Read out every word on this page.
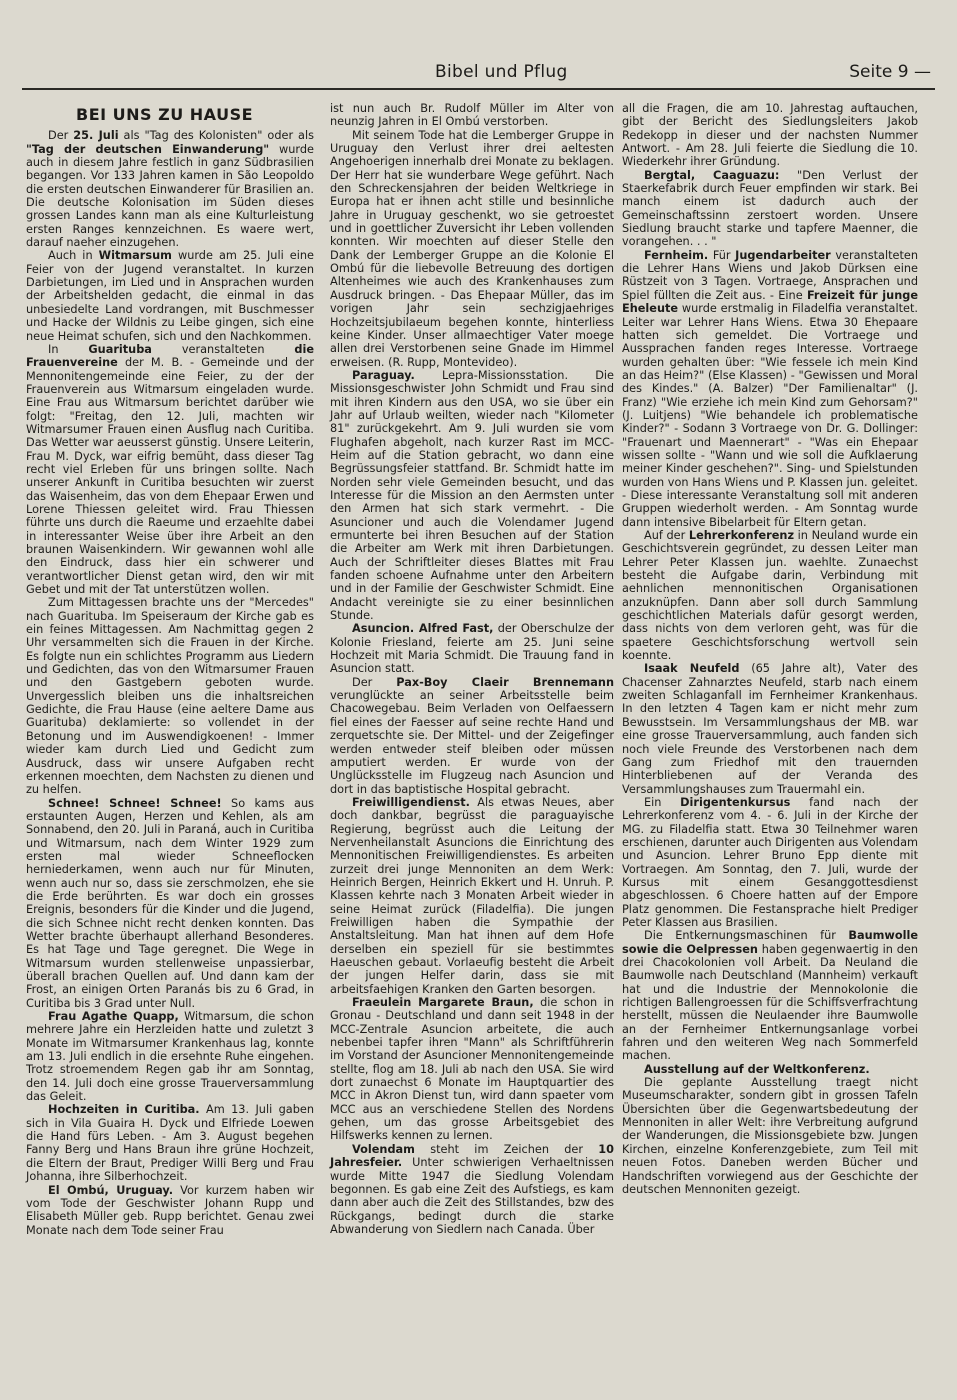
Bibel und Pflug	Seite 9 —
BEI UNS ZU HAUSE

Der 25. Juli als "Tag des Kolonisten" oder als "Tag der deutschen Einwanderung" wurde auch in diesem Jahre festlich in ganz Südbrasilien begangen. Vor 133 Jahren kamen in São Leopoldo die ersten deutschen Einwanderer für Brasilien an. Die deutsche Kolonisation im Süden dieses grossen Landes kann man als eine Kulturleistung ersten Ranges kennzeichnen. Es waere wert, darauf naeher einzugehen.

Auch in Witmarsum wurde am 25. Juli eine Feier von der Jugend veranstaltet. In kurzen Darbietungen, im Lied und in Ansprachen wurden der Arbeitshelden gedacht, die einmal in das unbesiedelte Land vordrangen, mit Buschmesser und Hacke der Wildnis zu Leibe gingen, sich eine neue Heimat schufen, sich und den Nachkommen.

In Guarituba veranstalteten die Frauenvereine der M. B. - Gemeinde und der Mennonitengemeinde eine Feier, zu der der Frauenverein aus Witmarsum eingeladen wurde. Eine Frau aus Witmarsum berichtet darüber wie folgt: "Freitag, den 12. Juli, machten wir Witmarsumer Frauen einen Ausflug nach Curitiba. Das Wetter war aeusserst günstig. Unsere Leiterin, Frau M. Dyck, war eifrig bemüht, dass dieser Tag recht viel Erleben für uns bringen sollte. Nach unserer Ankunft in Curitiba besuchten wir zuerst das Waisenheim, das von dem Ehepaar Erwen und Lorene Thiessen geleitet wird. Frau Thiessen führte uns durch die Raeume und erzaehlte dabei in interessanter Weise über ihre Arbeit an den braunen Waisenkindern. Wir gewannen wohl alle den Eindruck, dass hier ein schwerer und verantwortlicher Dienst getan wird, den wir mit Gebet und mit der Tat unterstützen wollen.

Zum Mittagessen brachte uns der "Mercedes" nach Guarituba. Im Speiseraum der Kirche gab es ein feines Mittagessen. Am Nachmittag gegen 2 Uhr versammelten sich die Frauen in der Kirche. Es folgte nun ein schlichtes Programm aus Liedern und Gedichten, das von den Witmarsumer Frauen und den Gastgebern geboten wurde. Unvergesslich bleiben uns die inhaltsreichen Gedichte, die Frau Hause (eine aeltere Dame aus Guarituba) deklamierte: so vollendet in der Betonung und im Auswendigkoenen! - Immer wieder kam durch Lied und Gedicht zum Ausdruck, dass wir unsere Aufgaben recht erkennen moechten, dem Nachsten zu dienen und zu helfen.

Schnee! Schnee! Schnee! So kams aus erstaunten Augen, Herzen und Kehlen, als am Sonnabend, den 20. Juli in Paraná, auch in Curitiba und Witmarsum, nach dem Winter 1929 zum ersten mal wieder Schneeflocken herniederkamen, wenn auch nur für Minuten, wenn auch nur so, dass sie zerschmolzen, ehe sie die Erde berührten. Es war doch ein grosses Ereignis, besonders für die Kinder und die Jugend, die sich Schnee nicht recht denken konnten. Das Wetter brachte überhaupt allerhand Besonderes. Es hat Tage und Tage geregnet. Die Wege in Witmarsum wurden stellenweise unpassierbar, überall brachen Quellen auf. Und dann kam der Frost, an einigen Orten Paranás bis zu 6 Grad, in Curitiba bis 3 Grad unter Null.

Frau Agathe Quapp, Witmarsum, die schon mehrere Jahre ein Herzleiden hatte und zuletzt 3 Monate im Witmarsumer Krankenhaus lag, konnte am 13. Juli endlich in die ersehnte Ruhe eingehen. Trotz stroemendem Regen gab ihr am Sonntag, den 14. Juli doch eine grosse Trauerversammlung das Geleit.

Hochzeiten in Curitiba. Am 13. Juli gaben sich in Vila Guaira H. Dyck und Elfriede Loewen die Hand fürs Leben. - Am 3. August begehen Fanny Berg und Hans Braun ihre grüne Hochzeit, die Eltern der Braut, Prediger Willi Berg und Frau Johanna, ihre Silberhochzeit.

El Ombú, Uruguay. Vor kurzem haben wir vom Tode der Geschwister Johann Rupp und Elisabeth Müller geb. Rupp berichtet. Genau zwei Monate nach dem Tode seiner Frau

ist nun auch Br. Rudolf Müller im Alter von neunzig Jahren in El Ombú verstorben.

Mit seinem Tode hat die Lemberger Gruppe in Uruguay den Verlust ihrer drei aeltesten Angehoerigen innerhalb drei Monate zu beklagen. Der Herr hat sie wunderbare Wege geführt. Nach den Schreckensjahren der beiden Weltkriege in Europa hat er ihnen acht stille und besinnliche Jahre in Uruguay geschenkt, wo sie getroestet und in goettlicher Zuversicht ihr Leben vollenden konnten. Wir moechten auf dieser Stelle den Dank der Lemberger Gruppe an die Kolonie El Ombú für die liebevolle Betreuung des dortigen Altenheimes wie auch des Krankenhauses zum Ausdruck bringen. - Das Ehepaar Müller, das im vorigen Jahr sein sechzigjaehriges Hochzeitsjubilaeum begehen konnte, hinterliess keine Kinder. Unser allmaechtiger Vater moege allen drei Verstorbenen seine Gnade im Himmel erweisen. (R. Rupp, Montevideo).

Paraguay. Lepra-Missionsstation. Die Missionsgeschwister John Schmidt und Frau sind mit ihren Kindern aus den USA, wo sie über ein Jahr auf Urlaub weilten, wieder nach "Kilometer 81" zurückgekehrt. Am 9. Juli wurden sie vom Flughafen abgeholt, nach kurzer Rast im MCC-Heim auf die Station gebracht, wo dann eine Begrüssungsfeier stattfand. Br. Schmidt hatte im Norden sehr viele Gemeinden besucht, und das Interesse für die Mission an den Aermsten unter den Armen hat sich stark vermehrt. - Die Asuncioner und auch die Volendamer Jugend ermunterte bei ihren Besuchen auf der Station die Arbeiter am Werk mit ihren Darbietungen. Auch der Schriftleiter dieses Blattes mit Frau fanden schoene Aufnahme unter den Arbeitern und in der Familie der Geschwister Schmidt. Eine Andacht vereinigte sie zu einer besinnlichen Stunde.

Asuncion. Alfred Fast, der Oberschulze der Kolonie Friesland, feierte am 25. Juni seine Hochzeit mit Maria Schmidt. Die Trauung fand in Asuncion statt.

Der Pax-Boy Claeir Brennemann verunglückte an seiner Arbeitsstelle beim Chacowegebau. Beim Verladen von Oelfaessern fiel eines der Faesser auf seine rechte Hand und zerquetschte sie. Der Mittel- und der Zeigefinger werden entweder steif bleiben oder müssen amputiert werden. Er wurde von der Unglücksstelle im Flugzeug nach Asuncion und dort in das baptistische Hospital gebracht.

Freiwilligendienst. Als etwas Neues, aber doch dankbar, begrüsst die paraguayische Regierung, begrüsst auch die Leitung der Nervenheilanstalt Asuncions die Einrichtung des Mennonitischen Freiwilligendienstes. Es arbeiten zurzeit drei junge Mennoniten an dem Werk: Heinrich Bergen, Heinrich Ekkert und H. Unruh. P. Klassen kehrte nach 3 Monaten Arbeit wieder in seine Heimat zurück (Filadelfia). Die jungen Freiwilligen haben die Sympathie der Anstaltsleitung. Man hat ihnen auf dem Hofe derselben ein speziell für sie bestimmtes Haeuschen gebaut. Vorlaeufig besteht die Arbeit der jungen Helfer darin, dass sie mit arbeitsfaehigen Kranken den Garten besorgen.

Fraeulein Margarete Braun, die schon in Gronau - Deutschland und dann seit 1948 in der MCC-Zentrale Asuncion arbeitete, die auch nebenbei tapfer ihren "Mann" als Schriftführerin im Vorstand der Asuncioner Mennonitengemeinde stellte, flog am 18. Juli ab nach den USA. Sie wird dort zunaechst 6 Monate im Hauptquartier des MCC in Akron Dienst tun, wird dann spaeter vom MCC aus an verschiedene Stellen des Nordens gehen, um das grosse Arbeitsgebiet des Hilfswerks kennen zu lernen.

Volendam steht im Zeichen der 10 Jahresfeier. Unter schwierigen Verhaeltnissen wurde Mitte 1947 die Siedlung Volendam begonnen. Es gab eine Zeit des Aufstiegs, es kam dann aber auch die Zeit des Stillstandes, bzw des Rückgangs, bedingt durch die starke Abwanderung von Siedlern nach Canada. Über

all die Fragen, die am 10. Jahrestag auftauchen, gibt der Bericht des Siedlungsleiters Jakob Redekopp in dieser und der nachsten Nummer Antwort. - Am 28. Juli feierte die Siedlung die 10. Wiederkehr ihrer Gründung.

Bergtal, Caaguazu: "Den Verlust der Staerkefabrik durch Feuer empfinden wir stark. Bei manch einem ist dadurch auch der Gemeinschaftssinn zerstoert worden. Unsere Siedlung braucht starke und tapfere Maenner, die vorangehen. . . "

Fernheim. Für Jugendarbeiter veranstalteten die Lehrer Hans Wiens und Jakob Dürksen eine Rüstzeit von 3 Tagen. Vortraege, Ansprachen und Spiel füllten die Zeit aus. - Eine Freizeit für junge Eheleute wurde erstmalig in Filadelfia veranstaltet. Leiter war Lehrer Hans Wiens. Etwa 30 Ehepaare hatten sich gemeldet. Die Vortraege und Aussprachen fanden reges Interesse. Vortraege wurden gehalten über: "Wie fessele ich mein Kind an das Heim?" (Else Klassen) - "Gewissen und Moral des Kindes." (A. Balzer) "Der Familienaltar" (J. Franz) "Wie erziehe ich mein Kind zum Gehorsam?" (J. Luitjens) "Wie behandele ich problematische Kinder?" - Sodann 3 Vortraege von Dr. G. Dollinger: "Frauenart und Maennerart" - "Was ein Ehepaar wissen sollte - "Wann und wie soll die Aufklaerung meiner Kinder geschehen?". Sing- und Spielstunden wurden von Hans Wiens und P. Klassen jun. geleitet. - Diese interessante Veranstaltung soll mit anderen Gruppen wiederholt werden. - Am Sonntag wurde dann intensive Bibelarbeit für Eltern getan.

Auf der Lehrerkonferenz in Neuland wurde ein Geschichtsverein gegründet, zu dessen Leiter man Lehrer Peter Klassen jun. waehlte. Zunaechst besteht die Aufgabe darin, Verbindung mit aehnlichen mennonitischen Organisationen anzuknüpfen. Dann aber soll durch Sammlung geschichtlichen Materials dafür gesorgt werden, dass nichts von dem verloren geht, was für die spaetere Geschichtsforschung wertvoll sein koennte.

Isaak Neufeld (65 Jahre alt), Vater des Chacenser Zahnarztes Neufeld, starb nach einem zweiten Schlaganfall im Fernheimer Krankenhaus. In den letzten 4 Tagen kam er nicht mehr zum Bewusstsein. Im Versammlungshaus der MB. war eine grosse Trauerversammlung, auch fanden sich noch viele Freunde des Verstorbenen nach dem Gang zum Friedhof mit den trauernden Hinterbliebenen auf der Veranda des Versammlungshauses zum Trauermahl ein.

Ein Dirigentenkursus fand nach der Lehrerkonferenz vom 4. - 6. Juli in der Kirche der MG. zu Filadelfia statt. Etwa 30 Teilnehmer waren erschienen, darunter auch Dirigenten aus Volendam und Asuncion. Lehrer Bruno Epp diente mit Vortraegen. Am Sonntag, den 7. Juli, wurde der Kursus mit einem Gesanggottesdienst abgeschlossen. 6 Choere hatten auf der Empore Platz genommen. Die Festansprache hielt Prediger Peter Klassen aus Brasilien.

Die Entkernungsmaschinen für Baumwolle sowie die Oelpressen haben gegenwaertig in den drei Chacokolonien voll Arbeit. Da Neuland die Baumwolle nach Deutschland (Mannheim) verkauft hat und die Industrie der Mennokolonie die richtigen Ballengroessen für die Schiffsverfrachtung herstellt, müssen die Neulaender ihre Baumwolle an der Fernheimer Entkernungsanlage vorbei fahren und den weiteren Weg nach Sommerfeld machen.

Ausstellung auf der Weltkonferenz.

Die geplante Ausstellung traegt nicht Museumscharakter, sondern gibt in grossen Tafeln Übersichten über die Gegenwartsbedeutung der Mennoniten in aller Welt: ihre Verbreitung aufgrund der Wanderungen, die Missionsgebiete bzw. Jungen Kirchen, einzelne Konferenzgebiete, zum Teil mit neuen Fotos. Daneben werden Bücher und Handschriften vorwiegend aus der Geschichte der deutschen Mennoniten gezeigt.
